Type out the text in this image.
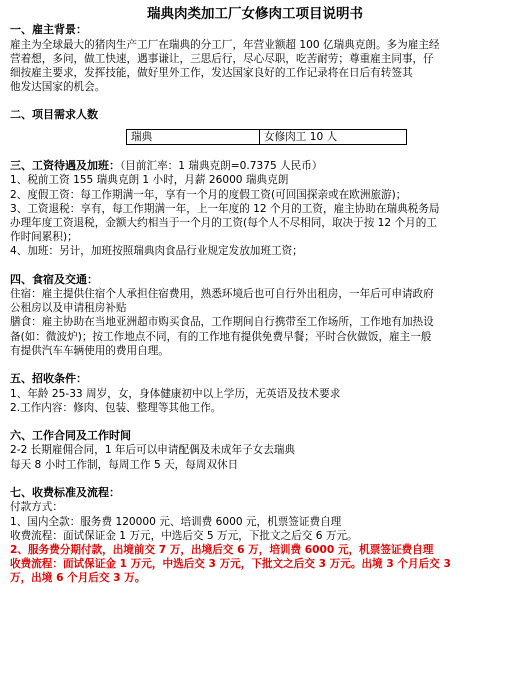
瑞典肉类加工厂女修肉工项目说明书
一、雇主背景：
雇主为全球最大的猪肉生产工厂在瑞典的分工厂，年营业额超 100 亿瑞典克朗。多为雇主经
营着想，多问，做工快速，遇事谦让，三思后行，尽心尽职，吃苦耐劳；尊重雇主同事，仔
细按雇主要求，发挥技能，做好里外工作，发达国家良好的工作记录将在日后有转签其
他发达国家的机会。
二、项目需求人数
瑞典	女修肉工 10 人
三、工资待遇及加班：（目前汇率：1 瑞典克朗=0.7375 人民币）
1、税前工资 155 瑞典克朗 1 小时，月薪 26000 瑞典克朗
2、度假工资：每工作期满一年，享有一个月的度假工资(可回国探亲或在欧洲旅游)；
3、工资退税：享有，每工作期满一年，上一年度的 12 个月的工资，雇主协助在瑞典税务局
办理年度工资退税，金额大约相当于一个月的工资(每个人不尽相同，取决于按 12 个月的工
作时间累积)；
4、加班：另计，加班按照瑞典肉食品行业规定发放加班工资；
四、食宿及交通：
住宿：雇主提供住宿个人承担住宿费用，熟悉环境后也可自行外出租房，一年后可申请政府
公租房以及申请租房补贴
膳食：雇主协助在当地亚洲超市购买食品，工作期间自行携带至工作场所，工作地有加热设
备(如：微波炉)；按工作地点不同，有的工作地有提供免费早餐；平时合伙做饭，雇主一般
有提供汽车车辆使用的费用自理。
五、招收条件：
1、年龄 25-33 周岁，女，身体健康初中以上学历，无英语及技术要求
2.工作内容：修肉、包装、整理等其他工作。
六、工作合同及工作时间
2-2 长期雇佣合同，1 年后可以申请配偶及未成年子女去瑞典
每天 8 小时工作制，每周工作 5 天，每周双休日
七、收费标准及流程：
付款方式：
1、国内全款：服务费 120000 元、培训费 6000 元，机票签证费自理
收费流程：面试保证金 1 万元，中选后交 5 万元，下批文之后交 6 万元。
2、服务费分期付款，出境前交 7 万，出境后交 6 万，培训费 6000 元，机票签证费自理
收费流程：面试保证金 1 万元，中选后交 3 万元，下批文之后交 3 万元。出境 3 个月后交 3
万，出境 6 个月后交 3 万。
